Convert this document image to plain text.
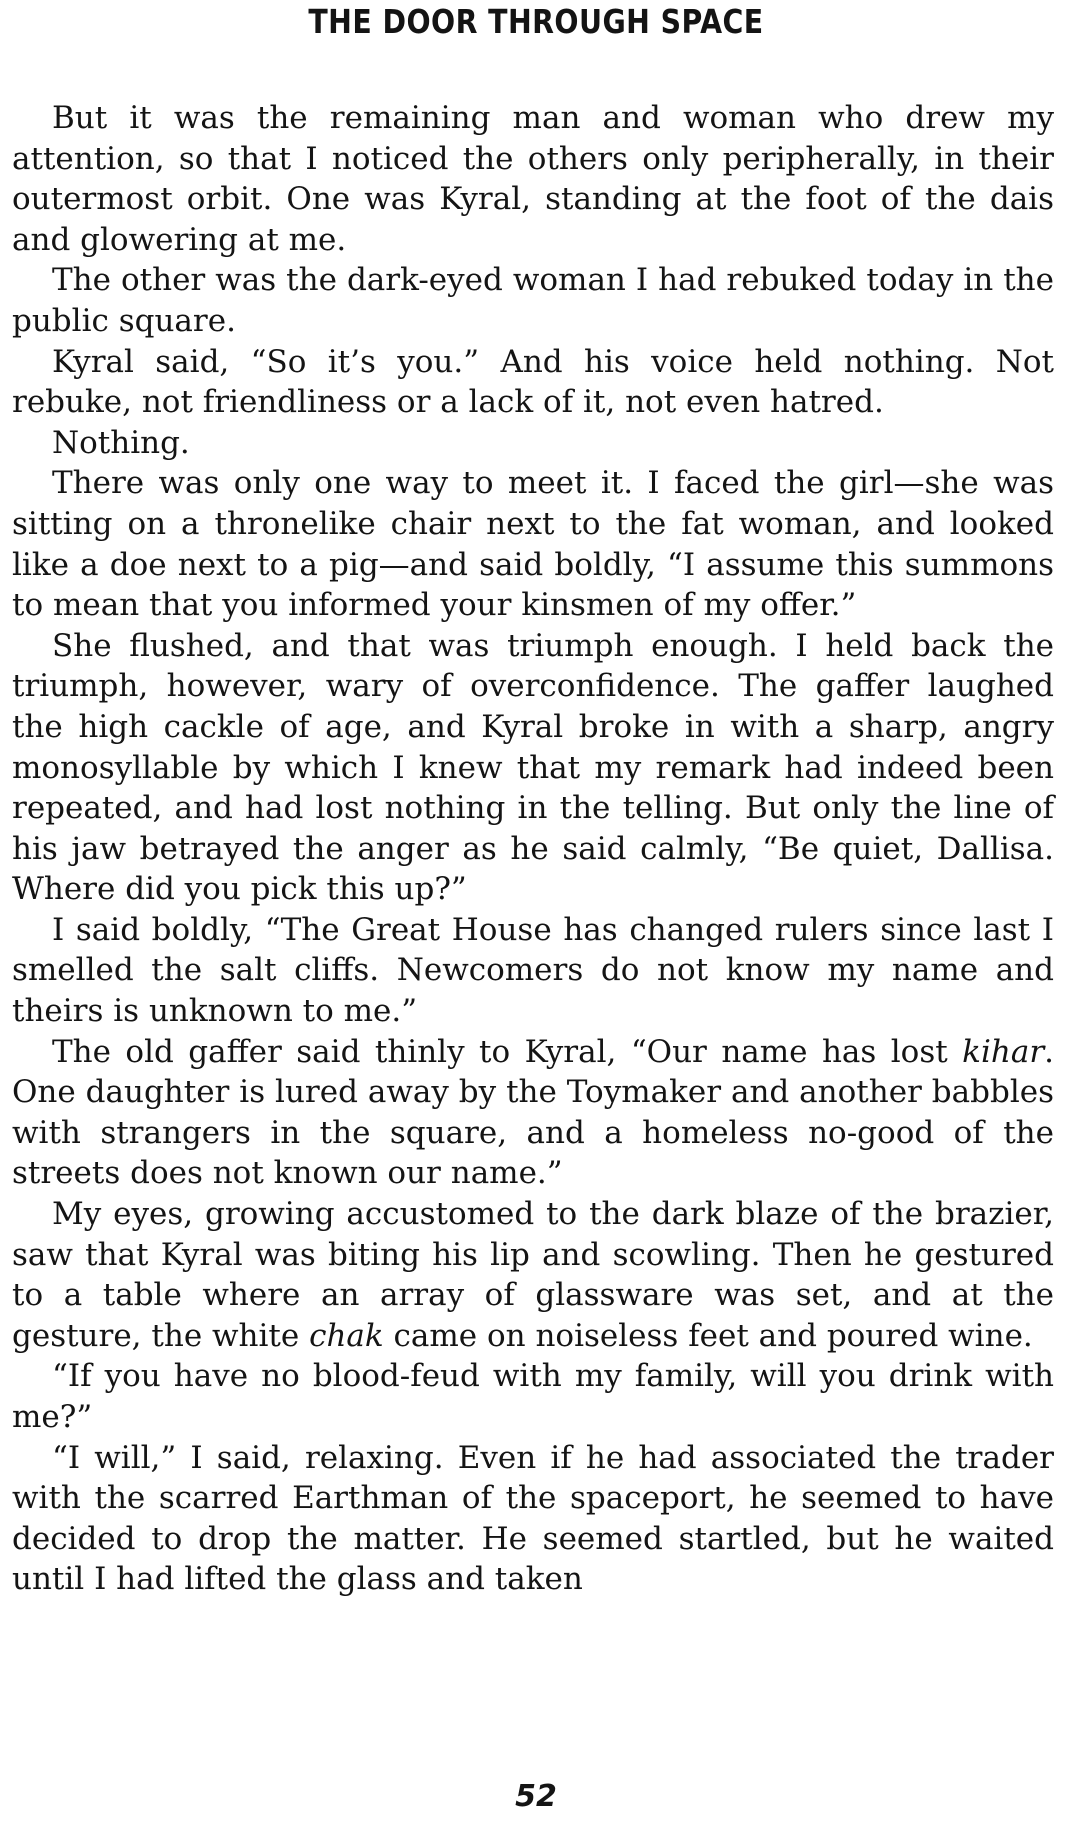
THE DOOR THROUGH SPACE

But it was the remaining man and woman who drew my attention, so that I noticed the others only peripherally, in their outermost orbit. One was Kyral, standing at the foot of the dais and glowering at me.

The other was the dark-eyed woman I had rebuked today in the public square.

Kyral said, “So it’s you.” And his voice held nothing. Not rebuke, not friendliness or a lack of it, not even hatred.

Nothing.

There was only one way to meet it. I faced the girl—she was sitting on a thronelike chair next to the fat woman, and looked like a doe next to a pig—and said boldly, “I assume this summons to mean that you informed your kinsmen of my offer.”

She flushed, and that was triumph enough. I held back the triumph, however, wary of overconfidence. The gaffer laughed the high cackle of age, and Kyral broke in with a sharp, angry monosyllable by which I knew that my remark had indeed been repeated, and had lost nothing in the telling. But only the line of his jaw betrayed the anger as he said calmly, “Be quiet, Dallisa. Where did you pick this up?”

I said boldly, “The Great House has changed rulers since last I smelled the salt cliffs. Newcomers do not know my name and theirs is unknown to me.”

The old gaffer said thinly to Kyral, “Our name has lost kihar. One daughter is lured away by the Toymaker and another babbles with strangers in the square, and a homeless no-good of the streets does not known our name.”

My eyes, growing accustomed to the dark blaze of the brazier, saw that Kyral was biting his lip and scowling. Then he gestured to a table where an array of glassware was set, and at the gesture, the white chak came on noiseless feet and poured wine.

“If you have no blood-feud with my family, will you drink with me?”

“I will,” I said, relaxing. Even if he had associated the trader with the scarred Earthman of the spaceport, he seemed to have decided to drop the matter. He seemed startled, but he waited until I had lifted the glass and taken

52
